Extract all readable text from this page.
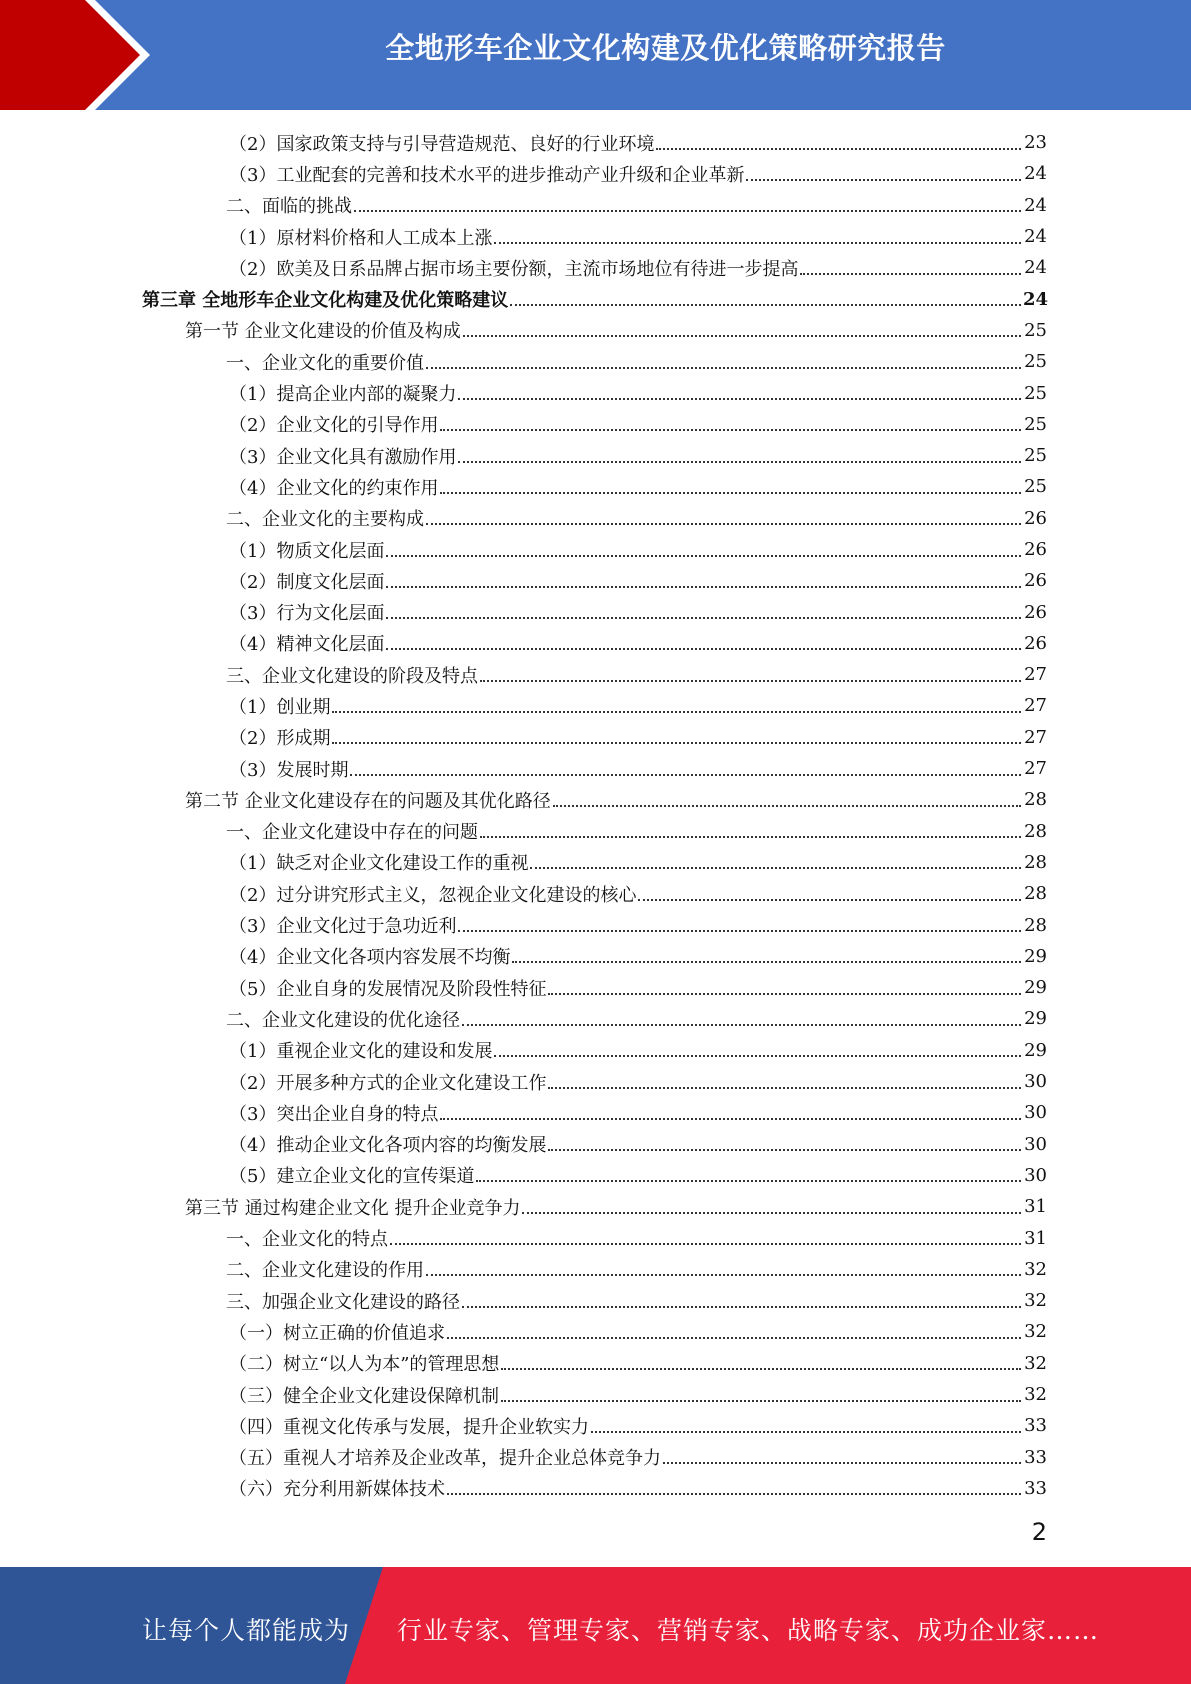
全地形车企业文化构建及优化策略研究报告
（2）国家政策支持与引导营造规范、良好的行业环境	23
（3）工业配套的完善和技术水平的进步推动产业升级和企业革新	24
二、面临的挑战	24
（1）原材料价格和人工成本上涨	24
（2）欧美及日系品牌占据市场主要份额，主流市场地位有待进一步提高	24
第三章 全地形车企业文化构建及优化策略建议	24
第一节 企业文化建设的价值及构成	25
一、企业文化的重要价值	25
（1）提高企业内部的凝聚力	25
（2）企业文化的引导作用	25
（3）企业文化具有激励作用	25
（4）企业文化的约束作用	25
二、企业文化的主要构成	26
（1）物质文化层面	26
（2）制度文化层面	26
（3）行为文化层面	26
（4）精神文化层面	26
三、企业文化建设的阶段及特点	27
（1）创业期	27
（2）形成期	27
（3）发展时期	27
第二节 企业文化建设存在的问题及其优化路径	28
一、企业文化建设中存在的问题	28
（1）缺乏对企业文化建设工作的重视	28
（2）过分讲究形式主义，忽视企业文化建设的核心	28
（3）企业文化过于急功近利	28
（4）企业文化各项内容发展不均衡	29
（5）企业自身的发展情况及阶段性特征	29
二、企业文化建设的优化途径	29
（1）重视企业文化的建设和发展	29
（2）开展多种方式的企业文化建设工作	30
（3）突出企业自身的特点	30
（4）推动企业文化各项内容的均衡发展	30
（5）建立企业文化的宣传渠道	30
第三节 通过构建企业文化 提升企业竞争力	31
一、企业文化的特点	31
二、企业文化建设的作用	32
三、加强企业文化建设的路径	32
（一）树立正确的价值追求	32
（二）树立“以人为本”的管理思想	32
（三）健全企业文化建设保障机制	32
（四）重视文化传承与发展，提升企业软实力	33
（五）重视人才培养及企业改革，提升企业总体竞争力	33
（六）充分利用新媒体技术	33
2
让每个人都能成为 行业专家、管理专家、营销专家、战略专家、成功企业家……
